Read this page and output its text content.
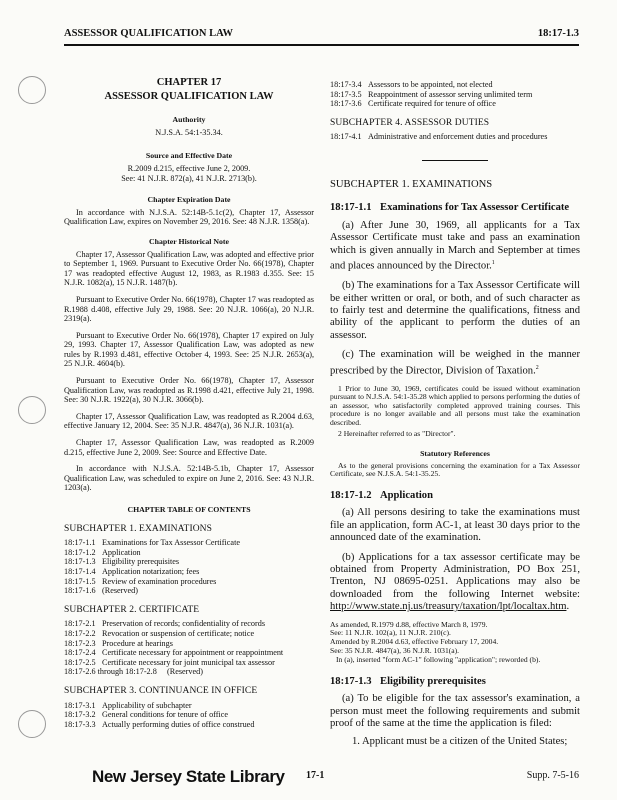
ASSESSOR QUALIFICATION LAW	18:17-1.3
CHAPTER 17
ASSESSOR QUALIFICATION LAW
Authority
N.J.S.A. 54:1-35.34.
Source and Effective Date
R.2009 d.215, effective June 2, 2009.
See: 41 N.J.R. 872(a), 41 N.J.R. 2713(b).
Chapter Expiration Date

In accordance with N.J.S.A. 52:14B-5.1c(2), Chapter 17, Assessor Qualification Law, expires on November 29, 2016. See: 48 N.J.R. 1358(a).

Chapter Historical Note

Chapter 17, Assessor Qualification Law, was adopted and effective prior to September 1, 1969. Pursuant to Executive Order No. 66(1978), Chapter 17 was readopted effective August 12, 1983, as R.1983 d.355. See: 15 N.J.R. 1082(a), 15 N.J.R. 1487(b).

Pursuant to Executive Order No. 66(1978), Chapter 17 was readopted as R.1988 d.408, effective July 29, 1988. See: 20 N.J.R. 1066(a), 20 N.J.R. 2319(a).

Pursuant to Executive Order No. 66(1978), Chapter 17 expired on July 29, 1993. Chapter 17, Assessor Qualification Law, was adopted as new rules by R.1993 d.481, effective October 4, 1993. See: 25 N.J.R. 2653(a), 25 N.J.R. 4604(b).

Pursuant to Executive Order No. 66(1978), Chapter 17, Assessor Qualification Law, was readopted as R.1998 d.421, effective July 21, 1998. See: 30 N.J.R. 1922(a), 30 N.J.R. 3066(b).

Chapter 17, Assessor Qualification Law, was readopted as R.2004 d.63, effective January 12, 2004. See: 35 N.J.R. 4847(a), 36 N.J.R. 1031(a).

Chapter 17, Assessor Qualification Law, was readopted as R.2009 d.215, effective June 2, 2009. See: Source and Effective Date.

In accordance with N.J.S.A. 52:14B-5.1b, Chapter 17, Assessor Qualification Law, was scheduled to expire on June 2, 2016. See: 43 N.J.R. 1203(a).

CHAPTER TABLE OF CONTENTS
SUBCHAPTER 1. EXAMINATIONS
18:17-1.1 Examinations for Tax Assessor Certificate
18:17-1.2 Application
18:17-1.3 Eligibility prerequisites
18:17-1.4 Application notarization; fees
18:17-1.5 Review of examination procedures
18:17-1.6 (Reserved)
SUBCHAPTER 2. CERTIFICATE
18:17-2.1 Preservation of records; confidentiality of records
18:17-2.2 Revocation or suspension of certificate; notice
18:17-2.3 Procedure at hearings
18:17-2.4 Certificate necessary for appointment or reappointment
18:17-2.5 Certificate necessary for joint municipal tax assessor
18:17-2.6 through 18:17-2.8     (Reserved)
SUBCHAPTER 3. CONTINUANCE IN OFFICE
18:17-3.1 Applicability of subchapter
18:17-3.2 General conditions for tenure of office
18:17-3.3 Actually performing duties of office construed
18:17-3.4 Assessors to be appointed, not elected
18:17-3.5 Reappointment of assessor serving unlimited term
18:17-3.6 Certificate required for tenure of office
SUBCHAPTER 4. ASSESSOR DUTIES
18:17-4.1 Administrative and enforcement duties and procedures
SUBCHAPTER 1. EXAMINATIONS
18:17-1.1 Examinations for Tax Assessor Certificate

(a) After June 30, 1969, all applicants for a Tax Assessor Certificate must take and pass an examination which is given annually in March and September at times and places announced by the Director.$^1$

(b) The examinations for a Tax Assessor Certificate will be either written or oral, or both, and of such character as to fairly test and determine the qualifications, fitness and ability of the applicant to perform the duties of an assessor.

(c) The examination will be weighed in the manner prescribed by the Director, Division of Taxation.$^2$

1 Prior to June 30, 1969, certificates could be issued without examination pursuant to N.J.S.A. 54:1-35.28 which applied to persons performing the duties of an assessor, who satisfactorily completed approved training courses. This procedure is no longer available and all persons must take the examination described.
2 Hereinafter referred to as "Director".
Statutory References
As to the general provisions concerning the examination for a Tax Assessor Certificate, see N.J.S.A. 54:1-35.25.
18:17-1.2 Application

(a) All persons desiring to take the examinations must file an application, form AC-1, at least 30 days prior to the announced date of the examination.

(b) Applications for a tax assessor certificate may be obtained from Property Administration, PO Box 251, Trenton, NJ 08695-0251. Applications may also be downloaded from the following Internet website: http://www.state.nj.us/treasury/taxation/lpt/localtax.htm.

As amended, R.1979 d.88, effective March 8, 1979.
See: 11 N.J.R. 102(a), 11 N.J.R. 210(c).
Amended by R.2004 d.63, effective February 17, 2004.
See: 35 N.J.R. 4847(a), 36 N.J.R. 1031(a).
In (a), inserted "form AC-1" following "application"; reworded (b).
18:17-1.3 Eligibility prerequisites

(a) To be eligible for the tax assessor's examination, a person must meet the following requirements and submit proof of the same at the time the application is filed:

1. Applicant must be a citizen of the United States;
New Jersey State Library 17-1	Supp. 7-5-16
